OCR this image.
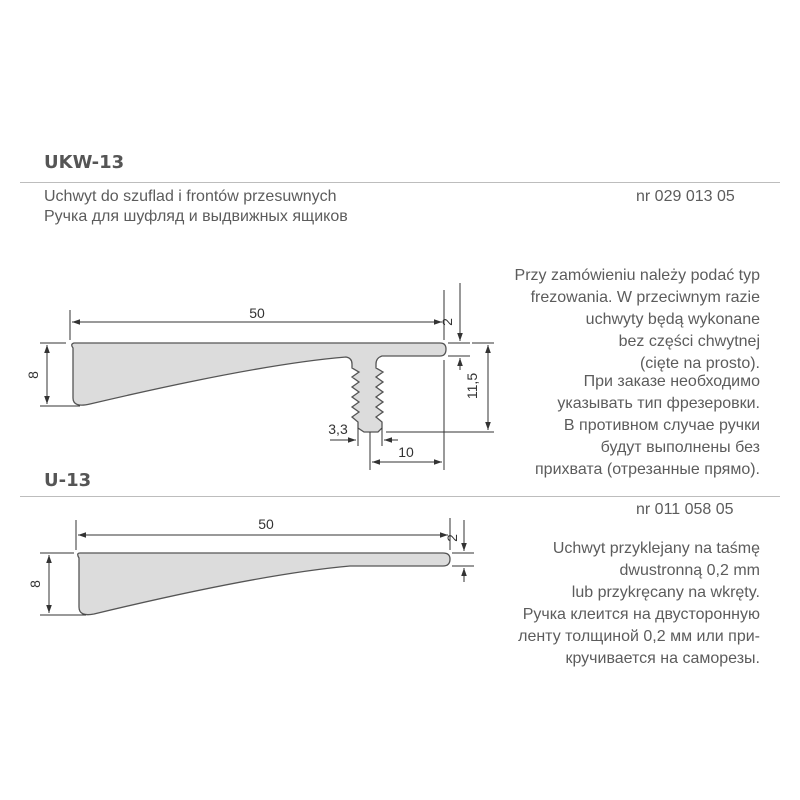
UKW-13
Uchwyt do szuflad i frontów przesuwnych
Ручка для шуфляд и выдвижных ящиков
nr 029 013 05
Przy zamówieniu należy podać typ
frezowania. W przeciwnym razie
uchwyty będą wykonane
bez części chwytnej
(cięte na prosto).
При заказе необходимо
указывать тип фрезеровки.
В противном случае ручки
будут выполнены без
прихвата (отрезанные прямо).
U-13
nr 011 058 05
Uchwyt przyklejany na taśmę
dwustronną 0,2 mm
lub przykręcany na wkręty.
Ручка клеится на двусторонную
ленту толщиной 0,2 мм или при-
кручивается на саморезы.
50
8
2
11,5
3,3
10
50
8
2
